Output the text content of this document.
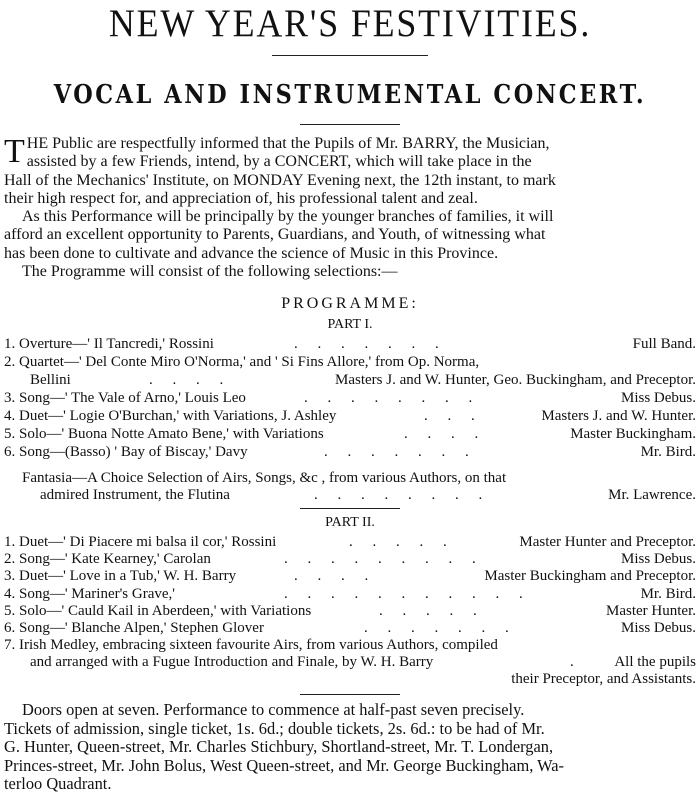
NEW YEAR'S FESTIVITIES.
VOCAL AND INSTRUMENTAL CONCERT.

THE Public are respectfully informed that the Pupils of Mr. BARRY, the Musician,

assisted by a few Friends, intend, by a CONCERT, which will take place in the

Hall of the Mechanics' Institute, on MONDAY Evening next, the 12th instant, to mark

their high respect for, and appreciation of, his professional talent and zeal.

As this Performance will be principally by the younger branches of families, it will

afford an excellent opportunity to Parents, Guardians, and Youth, of witnessing what

has been done to cultivate and advance the science of Music in this Province.

The Programme will consist of the following selections:—

PROGRAMME:
PART I.
1. Overture—' Il Tancredi,' Rossini	. . . . . . .	Full Band.
2. Quartet—' Del Conte Miro O'Norma,' and ' Si Fins Allore,' from Op. Norma,
Bellini	. . . .	Masters J. and W. Hunter, Geo. Buckingham, and Preceptor.
3. Song—' The Vale of Arno,' Louis Leo	. . . . . . . .	Miss Debus.
4. Duet—' Logie O'Burchan,' with Variations, J. Ashley	. . .	Masters J. and W. Hunter.
5. Solo—' Buona Notte Amato Bene,' with Variations	. . . .	Master Buckingham.
6. Song—(Basso) ' Bay of Biscay,' Davy	. . . . . . .	Mr. Bird.
Fantasia—A Choice Selection of Airs, Songs, &c , from various Authors, on that
admired Instrument, the Flutina	. . . . . . . .	Mr. Lawrence.
PART II.
1. Duet—' Di Piacere mi balsa il cor,' Rossini	. . . . .	Master Hunter and Preceptor.
2. Song—' Kate Kearney,' Carolan	. . . . . . . . .	Miss Debus.
3. Duet—' Love in a Tub,' W. H. Barry	. . . .	Master Buckingham and Preceptor.
4. Song—' Mariner's Grave,'	. . . . . . . . . . .	Mr. Bird.
5. Solo—' Cauld Kail in Aberdeen,' with Variations	. . . . .	Master Hunter.
6. Song—' Blanche Alpen,' Stephen Glover	. . . . . . .	Miss Debus.
7. Irish Medley, embracing sixteen favourite Airs, from various Authors, compiled
and arranged with a Fugue Introduction and Finale, by W. H. Barry	.	All the pupils
their Preceptor, and Assistants.

Doors open at seven. Performance to commence at half-past seven precisely.

Tickets of admission, single ticket, 1s. 6d.; double tickets, 2s. 6d.: to be had of Mr.

G. Hunter, Queen-street, Mr. Charles Stichbury, Shortland-street, Mr. T. Londergan,

Princes-street, Mr. John Bolus, West Queen-street, and Mr. George Buckingham, Wa-

terloo Quadrant.
